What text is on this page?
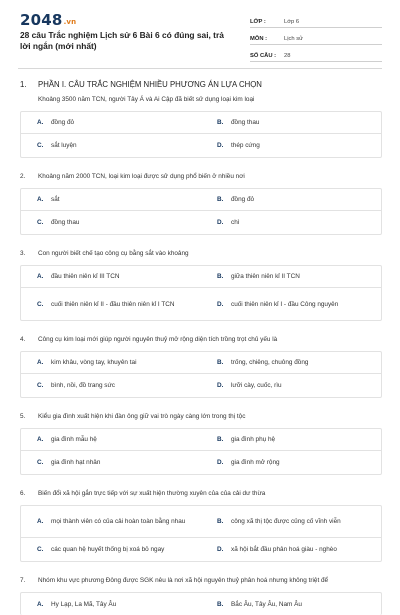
2048.vn
28 câu Trắc nghiệm Lịch sử 6 Bài 6 có đúng sai, trả lời ngắn (mới nhất)
LỚP :	Lớp 6
MÔN :	Lịch sử
SỐ CÂU :	28
1.	PHẦN I. CÂU TRẮC NGHIỆM NHIỀU PHƯƠNG ÁN LỰA CHỌN
Khoảng 3500 năm TCN, người Tây Á và Ai Cập đã biết sử dụng loại kim loại
A.	đồng đỏ	B.	đồng thau
C.	sắt luyện	D.	thép cứng
2.	Khoảng năm 2000 TCN, loại kim loại được sử dụng phổ biến ở nhiều nơi
A.	sắt	B.	đồng đỏ
C.	đồng thau	D.	chì
3.	Con người biết chế tạo công cụ bằng sắt vào khoảng
A.	đầu thiên niên kỉ III TCN	B.	giữa thiên niên kỉ II TCN
C.	cuối thiên niên kỉ II - đầu thiên niên kỉ I TCN	D.	cuối thiên niên kỉ I - đầu Công nguyên
4.	Công cụ kim loại mới giúp người nguyên thuỷ mở rộng diện tích trồng trọt chủ yếu là
A.	kim khâu, vòng tay, khuyên tai	B.	trống, chiêng, chuông đồng
C.	bình, nồi, đồ trang sức	D.	lưỡi cày, cuốc, rìu
5.	Kiểu gia đình xuất hiện khi đàn ông giữ vai trò ngày càng lớn trong thị tộc
A.	gia đình mẫu hệ	B.	gia đình phụ hệ
C.	gia đình hạt nhân	D.	gia đình mở rộng
6.	Biến đổi xã hội gắn trực tiếp với sự xuất hiện thường xuyên của của cải dư thừa
A.	mọi thành viên có của cải hoàn toàn bằng nhau	B.	công xã thị tộc được củng cố vĩnh viễn
C.	các quan hệ huyết thống bị xoá bỏ ngay	D.	xã hội bắt đầu phân hoá giàu - nghèo
7.	Nhóm khu vực phương Đông được SGK nêu là nơi xã hội nguyên thuỷ phân hoá nhưng không triệt để
A.	Hy Lạp, La Mã, Tây Âu	B.	Bắc Âu, Tây Âu, Nam Âu
